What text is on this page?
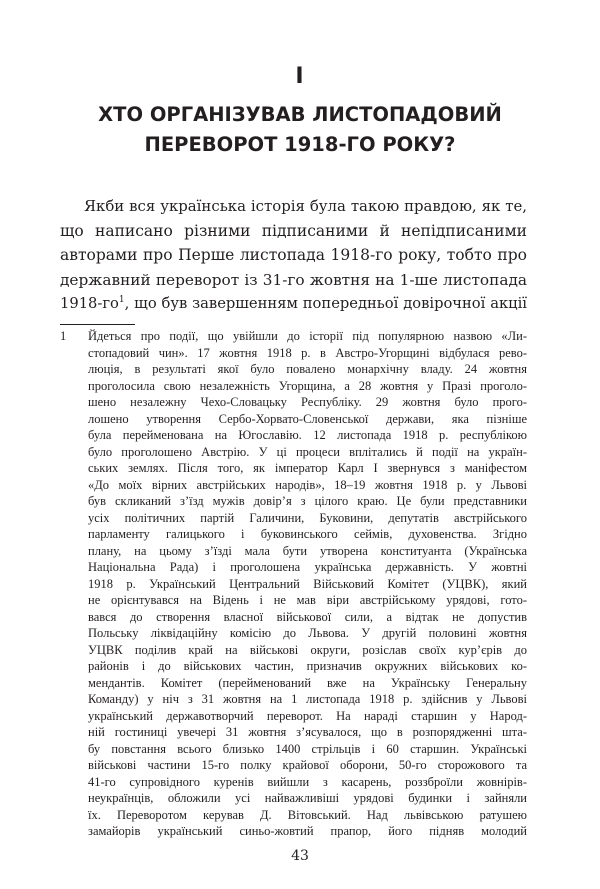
I
ХТО ОРГАНІЗУВАВ ЛИСТОПАДОВИЙ
ПЕРЕВОРОТ 1918-ГО РОКУ?
Якби вся українська історія була такою правдою, як те,
що написано різними підписаними й непідписаними
авторами про Перше листопада 1918-го року, тобто про
державний переворот із 31-го жовтня на 1-ше листопада
1918-го$^1$, що був завершенням попередньої довірочної акції
1 Йдеться про події, що увійшли до історії під популярною назвою «Ли-
стопадовий чин». 17 жовтня 1918 р. в Австро-Угорщині відбулася рево-
люція, в результаті якої було повалено монархічну владу. 24 жовтня
проголосила свою незалежність Угорщина, а 28 жовтня у Празі проголо-
шено незалежну Чехо-Словацьку Республіку. 29 жовтня було прого-
лошено утворення Сербо-Хорвато-Словенської держави, яка пізніше
була перейменована на Югославію. 12 листопада 1918 р. республікою
було проголошено Австрію. У ці процеси вплітались й події на україн-
ських землях. Після того, як імператор Карл І звернувся з маніфестом
«До моїх вірних австрійських народів», 18–19 жовтня 1918 р. у Львові
був скликаний з’їзд мужів довір’я з цілого краю. Це були представники
усіх політичних партій Галичини, Буковини, депутатів австрійського
парламенту галицького і буковинського сеймів, духовенства. Згідно
плану, на цьому з’їзді мала бути утворена конституанта (Українська
Національна Рада) і проголошена українська державність. У жовтні
1918 р. Український Центральний Військовий Комітет (УЦВК), який
не орієнтувався на Відень і не мав віри австрійському урядові, гото-
вався до створення власної військової сили, а відтак не допустив
Польську ліквідаційну комісію до Львова. У другій половині жовтня
УЦВК поділив край на військові округи, розіслав своїх кур’єрів до
районів і до військових частин, призначив окружних військових ко-
мендантів. Комітет (перейменований вже на Українську Генеральну
Команду) у ніч з 31 жовтня на 1 листопада 1918 р. здійснив у Львові
український державотворчий переворот. На нараді старшин у Народ-
ній гостиниці увечері 31 жовтня з’ясувалося, що в розпорядженні шта-
бу повстання всього близько 1400 стрільців і 60 старшин. Українські
військові частини 15-го полку крайової оборони, 50-го сторожового та
41-го супровідного куренів вийшли з касарень, роззброїли жовнірів-
неукраїнців, обложили усі найважливіші урядові будинки і зайняли
їх. Переворотом керував Д. Вітовський. Над львівською ратушею
замайорів український синьо-жовтий прапор, його підняв молодий
43
